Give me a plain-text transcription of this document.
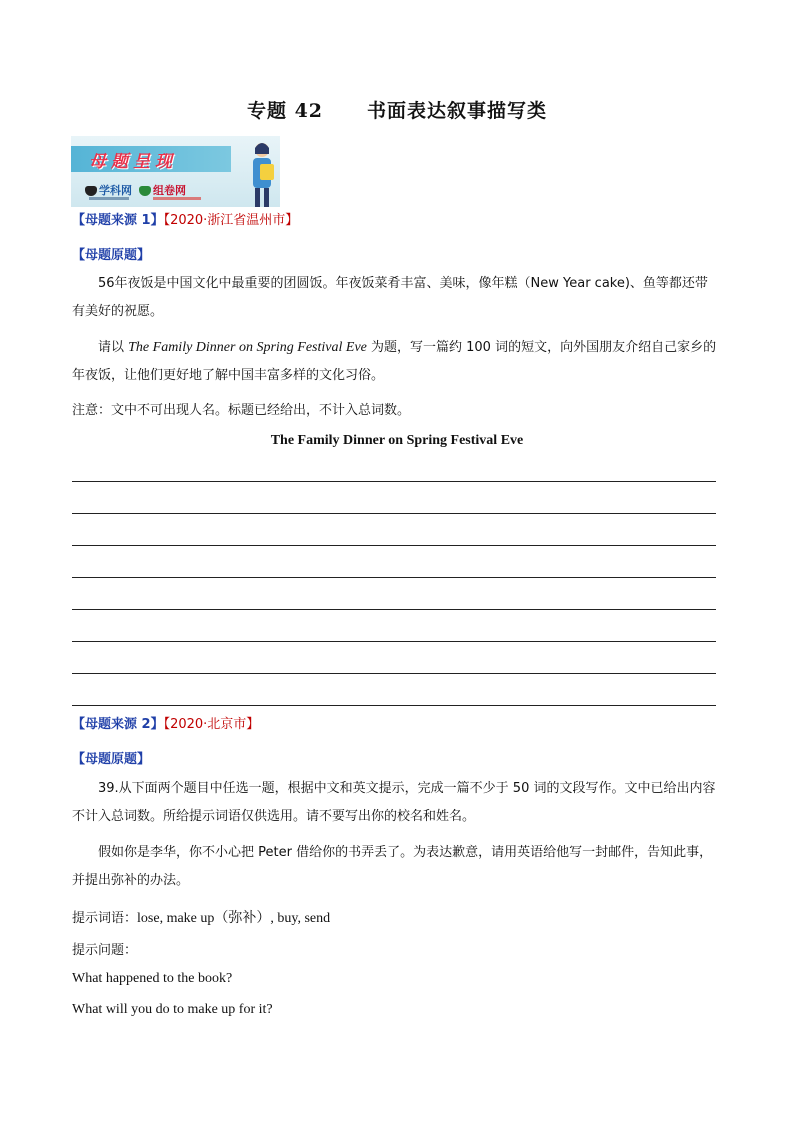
专题 42 书面表达叙事描写类
母题呈现
学科网	组卷网
【母题来源 1】【2020·浙江省温州市】
【母题原题】
56年夜饭是中国文化中最重要的团圆饭。年夜饭菜肴丰富、美味，像年糕（New Year cake)、鱼等都还带有美好的祝愿。
请以 The Family Dinner on Spring Festival Eve 为题，写一篇约 100 词的短文，向外国朋友介绍自己家乡的年夜饭，让他们更好地了解中国丰富多样的文化习俗。
注意：文中不可出现人名。标题已经给出，不计入总词数。
The Family Dinner on Spring Festival Eve
【母题来源 2】【2020·北京市】
【母题原题】
39.从下面两个题目中任选一题，根据中文和英文提示，完成一篇不少于 50 词的文段写作。文中已给出内容不计入总词数。所给提示词语仅供选用。请不要写出你的校名和姓名。
假如你是李华，你不小心把 Peter 借给你的书弄丢了。为表达歉意，请用英语给他写一封邮件，告知此事，并提出弥补的办法。
提示词语：lose, make up（弥补）, buy, send
提示问题：
What happened to the book?
What will you do to make up for it?
